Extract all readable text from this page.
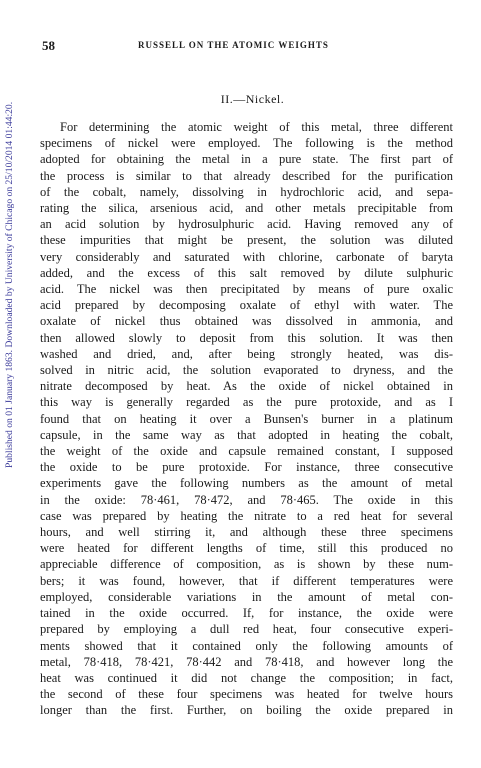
Published on 01 January 1863. Downloaded by University of Chicago on 25/10/2014 01:44:20.
58	RUSSELL ON THE ATOMIC WEIGHTS
II.—Nickel.
For determining the atomic weight of this metal, three different
specimens of nickel were employed. The following is the method
adopted for obtaining the metal in a pure state. The first part of
the process is similar to that already described for the purification
of the cobalt, namely, dissolving in hydrochloric acid, and sepa-
rating the silica, arsenious acid, and other metals precipitable from
an acid solution by hydrosulphuric acid. Having removed any of
these impurities that might be present, the solution was diluted
very considerably and saturated with chlorine, carbonate of baryta
added, and the excess of this salt removed by dilute sulphuric
acid. The nickel was then precipitated by means of pure oxalic
acid prepared by decomposing oxalate of ethyl with water. The
oxalate of nickel thus obtained was dissolved in ammonia, and
then allowed slowly to deposit from this solution. It was then
washed and dried, and, after being strongly heated, was dis-
solved in nitric acid, the solution evaporated to dryness, and the
nitrate decomposed by heat. As the oxide of nickel obtained in
this way is generally regarded as the pure protoxide, and as I
found that on heating it over a Bunsen's burner in a platinum
capsule, in the same way as that adopted in heating the cobalt,
the weight of the oxide and capsule remained constant, I supposed
the oxide to be pure protoxide. For instance, three consecutive
experiments gave the following numbers as the amount of metal
in the oxide: 78·461, 78·472, and 78·465. The oxide in this
case was prepared by heating the nitrate to a red heat for several
hours, and well stirring it, and although these three specimens
were heated for different lengths of time, still this produced no
appreciable difference of composition, as is shown by these num-
bers; it was found, however, that if different temperatures were
employed, considerable variations in the amount of metal con-
tained in the oxide occurred. If, for instance, the oxide were
prepared by employing a dull red heat, four consecutive experi-
ments showed that it contained only the following amounts of
metal, 78·418, 78·421, 78·442 and 78·418, and however long the
heat was continued it did not change the composition; in fact,
the second of these four specimens was heated for twelve hours
longer than the first. Further, on boiling the oxide prepared in
